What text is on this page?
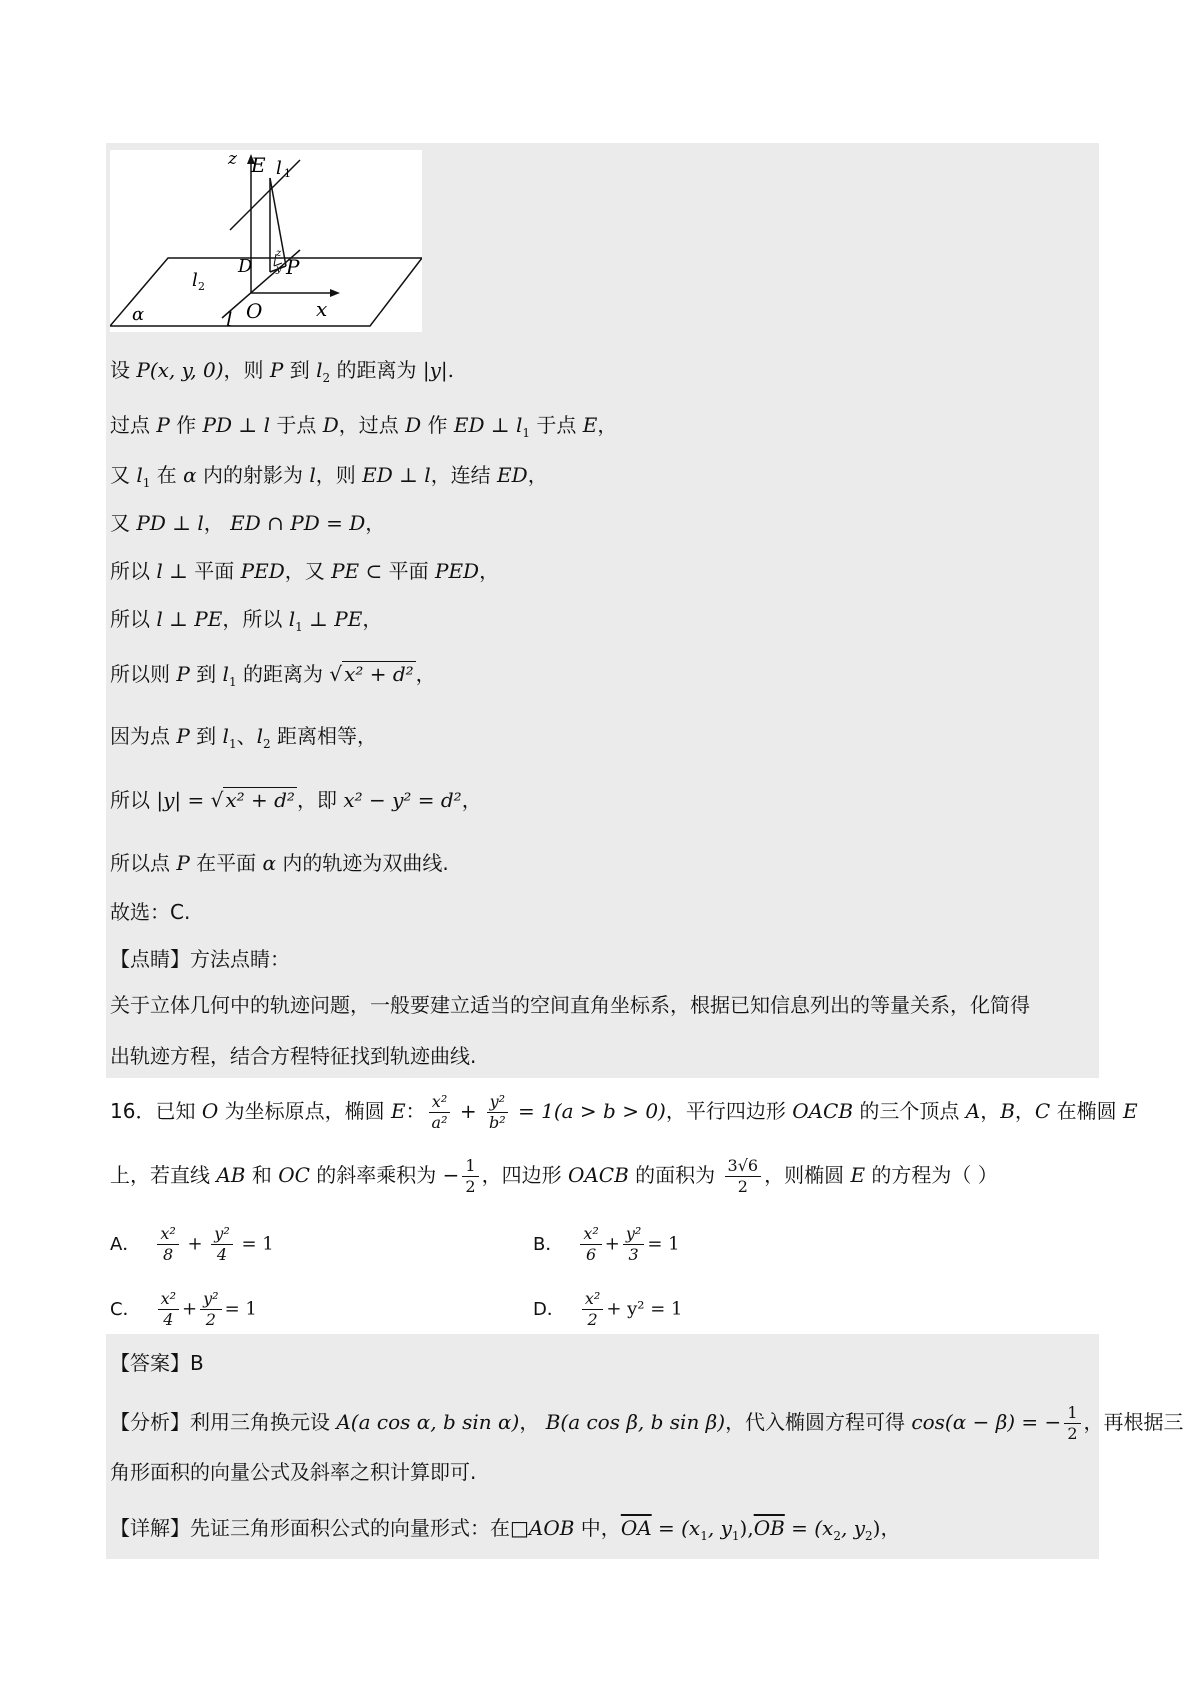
z E l 1
D
z
y P
l 2
O	x
α	l
设 P(x, y, 0)，则 P 到 $l_2$ 的距离为 |y|.
过点 P 作 PD ⊥ l 于点 D，过点 D 作 ED ⊥ $l_1$ 于点 E，
又 $l_1$ 在 α 内的射影为 l，则 ED ⊥ l，连结 ED，
又 PD ⊥ l， ED ∩ PD = D，
所以 l ⊥ 平面 PED，又 PE ⊂ 平面 PED，
所以 l ⊥ PE，所以 $l_1$ ⊥ PE，
所以则 P 到 $l_1$ 的距离为 √ x² + d² ，
因为点 P 到 $l_1$、$l_2$ 距离相等，
所以 |y| = √ x² + d² ，即 x² − y² = d²，
所以点 P 在平面 α 内的轨迹为双曲线.
故选：C.
【点睛】方法点睛：
关于立体几何中的轨迹问题，一般要建立适当的空间直角坐标系，根据已知信息列出的等量关系，化简得
出轨迹方程，结合方程特征找到轨迹曲线.
16．已知 O 为坐标原点，椭圆 E： $\frac{\text{x²}}{\text{a²}} + \frac{\text{y²}}{\text{b²}} = 1(a > b > 0)$，平行四边形 OACB 的三个顶点 A，B，C 在椭圆 E
上，若直线 AB 和 OC 的斜率乘积为 − $\frac{1}{2}$ ，四边形 OACB 的面积为 $\frac{3√6}{2}$ ，则椭圆 E 的方程为（ ）
A． $\frac{\text{x²}}{8} + \frac{\text{y²}}{4} = 1$	B． $\frac{\text{x²}}{6} + \frac{\text{y²}}{3} = 1$
C． $\frac{\text{x²}}{4} + \frac{\text{y²}}{2} = 1$	D． $\frac{\text{x²}}{2} + y^2 = 1$
【答案】B
【分析】利用三角换元设 A(a cos α, b sin α)， B(a cos β, b sin β)，代入椭圆方程可得 cos(α − β) = − $\frac{1}{2}$ ，再根据三
角形面积的向量公式及斜率之积计算即可.
【详解】先证三角形面积公式的向量形式：在□AOB 中，$\overline{OA} = (x_1$, $y_1),\overline{OB} = (x_2$, $y_2$)，
